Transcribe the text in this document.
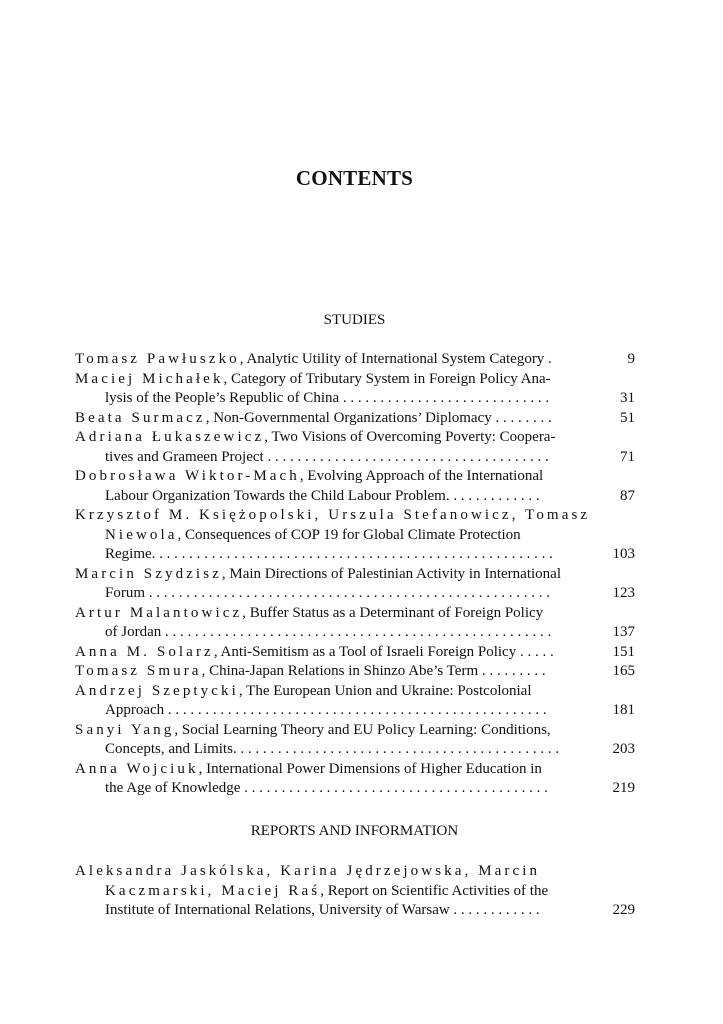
CONTENTS
STUDIES
Tomasz Pawłuszko, Analytic Utility of International System Category .	9
Maciej Michałek, Category of Tributary System in Foreign Policy Ana-
lysis of the People’s Republic of China . . . . . . . . . . . . . . . . . . . . . . . . . . . .	31
Beata Surmacz, Non-Governmental Organizations’ Diplomacy . . . . . . . .	51
Adriana Łukaszewicz, Two Visions of Overcoming Poverty: Coopera-
tives and Grameen Project . . . . . . . . . . . . . . . . . . . . . . . . . . . . . . . . . . . . . .	71
Dobrosława Wiktor-Mach, Evolving Approach of the International
Labour Organization Towards the Child Labour Problem. . . . . . . . . . . . .	87
Krzysztof M. Księżopolski, Urszula Stefanowicz, Tomasz
Niewola, Consequences of COP 19 for Global Climate Protection
Regime. . . . . . . . . . . . . . . . . . . . . . . . . . . . . . . . . . . . . . . . . . . . . . . . . . . . . .	103
Marcin Szydzisz, Main Directions of Palestinian Activity in International
Forum . . . . . . . . . . . . . . . . . . . . . . . . . . . . . . . . . . . . . . . . . . . . . . . . . . . . . .	123
Artur Malantowicz, Buffer Status as a Determinant of Foreign Policy
of Jordan . . . . . . . . . . . . . . . . . . . . . . . . . . . . . . . . . . . . . . . . . . . . . . . . . . . .	137
Anna M. Solarz, Anti-Semitism as a Tool of Israeli Foreign Policy . . . . .	151
Tomasz Smura, China-Japan Relations in Shinzo Abe’s Term . . . . . . . . .	165
Andrzej Szeptycki, The European Union and Ukraine: Postcolonial
Approach . . . . . . . . . . . . . . . . . . . . . . . . . . . . . . . . . . . . . . . . . . . . . . . . . . .	181
Sanyi Yang, Social Learning Theory and EU Policy Learning: Conditions,
Concepts, and Limits. . . . . . . . . . . . . . . . . . . . . . . . . . . . . . . . . . . . . . . . . . . .	203
Anna Wojciuk, International Power Dimensions of Higher Education in
the Age of Knowledge . . . . . . . . . . . . . . . . . . . . . . . . . . . . . . . . . . . . . . . . .	219
REPORTS AND INFORMATION
Aleksandra Jaskólska, Karina Jędrzejowska, Marcin
Kaczmarski, Maciej Raś, Report on Scientific Activities of the
Institute of International Relations, University of Warsaw . . . . . . . . . . . .	229
